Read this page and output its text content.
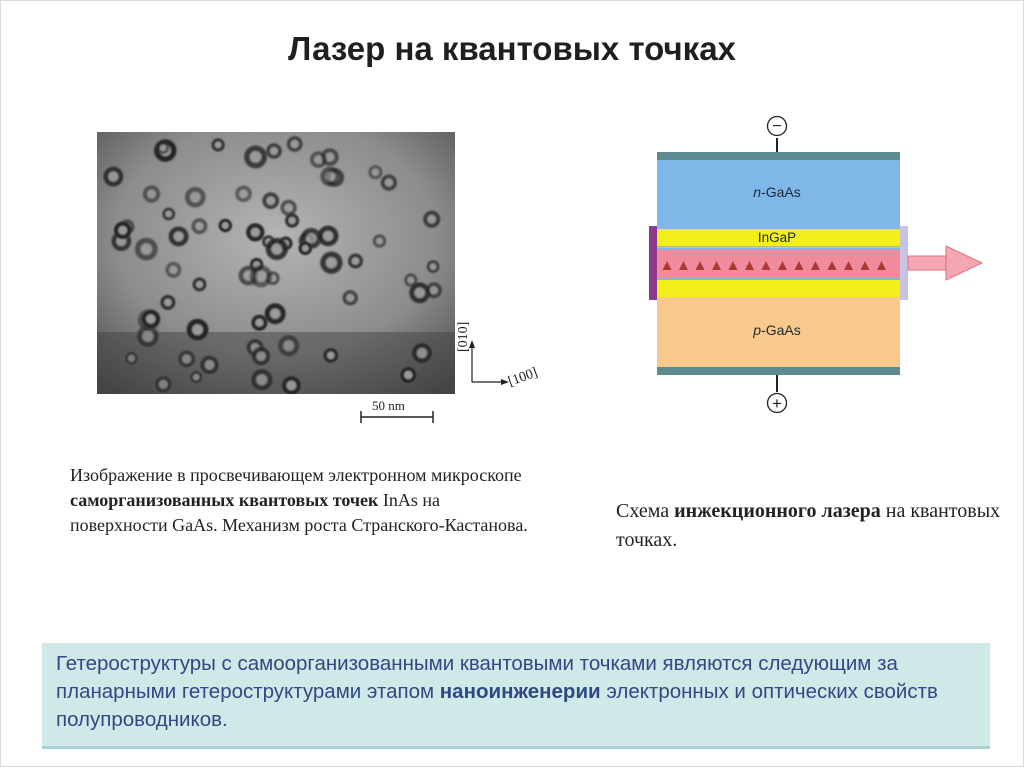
Лазер на квантовых точках
[010]
[100]
50 nm
Изображение в просвечивающем электронном микроскопе саморганизованных квантовых точек InAs на поверхности GaAs. Механизм роста Странского-Кастанова.
−
+
n-GaAs
InGaP
p-GaAs
Схема инжекционного лазера на квантовых точках.
Гетероструктуры с самоорганизованными квантовыми точками являются следующим за планарными гетероструктурами этапом наноинженерии электронных и оптических свойств полупроводников.
